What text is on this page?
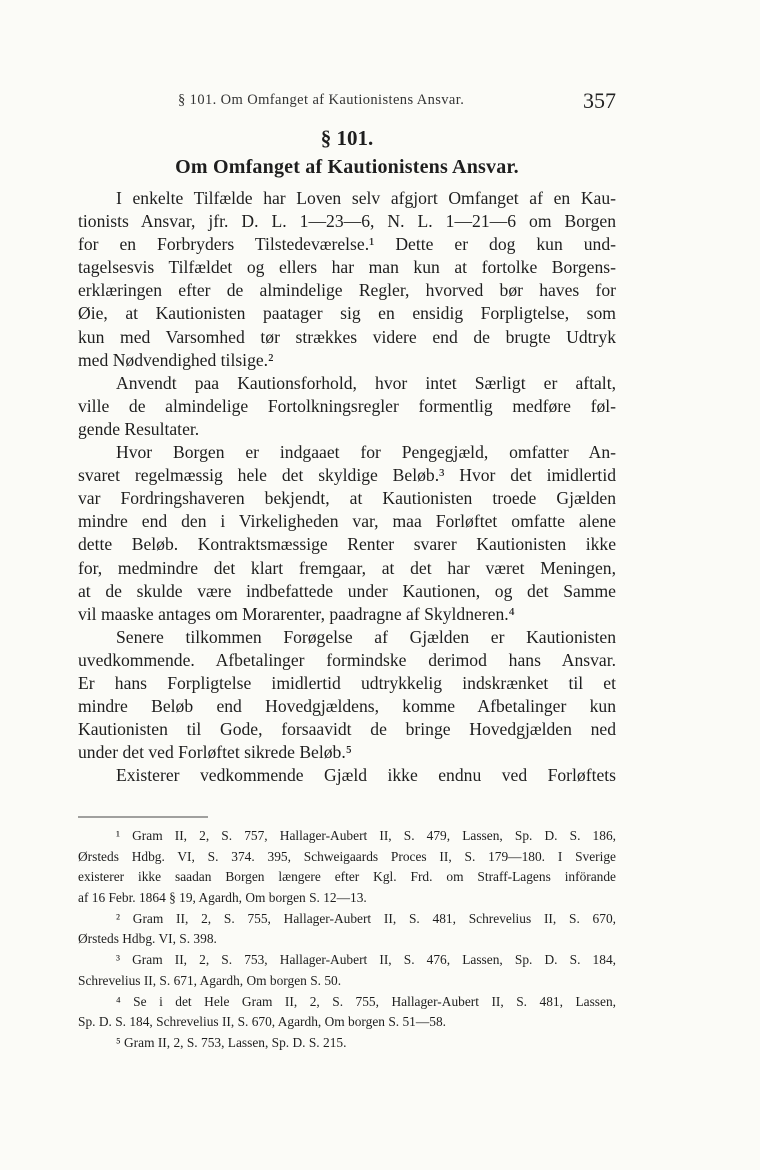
§ 101. Om Omfanget af Kautionistens Ansvar.	357
§ 101.
Om Omfanget af Kautionistens Ansvar.
I enkelte Tilfælde har Loven selv afgjort Omfanget af en Kau-
tionists Ansvar, jfr. D. L. 1—23—6, N. L. 1—21—6 om Borgen
for en Forbryders Tilstedeværelse.¹ Dette er dog kun und-
tagelsesvis Tilfældet og ellers har man kun at fortolke Borgens-
erklæringen efter de almindelige Regler, hvorved bør haves for
Øie, at Kautionisten paatager sig en ensidig Forpligtelse, som
kun med Varsomhed tør strækkes videre end de brugte Udtryk
med Nødvendighed tilsige.²
Anvendt paa Kautionsforhold, hvor intet Særligt er aftalt,
ville de almindelige Fortolkningsregler formentlig medføre føl-
gende Resultater.
Hvor Borgen er indgaaet for Pengegjæld, omfatter An-
svaret regelmæssig hele det skyldige Beløb.³ Hvor det imidlertid
var Fordringshaveren bekjendt, at Kautionisten troede Gjælden
mindre end den i Virkeligheden var, maa Forløftet omfatte alene
dette Beløb. Kontraktsmæssige Renter svarer Kautionisten ikke
for, medmindre det klart fremgaar, at det har været Meningen,
at de skulde være indbefattede under Kautionen, og det Samme
vil maaske antages om Morarenter, paadragne af Skyldneren.⁴
Senere tilkommen Forøgelse af Gjælden er Kautionisten
uvedkommende. Afbetalinger formindske derimod hans Ansvar.
Er hans Forpligtelse imidlertid udtrykkelig indskrænket til et
mindre Beløb end Hovedgjældens, komme Afbetalinger kun
Kautionisten til Gode, forsaavidt de bringe Hovedgjælden ned
under det ved Forløftet sikrede Beløb.⁵
Existerer vedkommende Gjæld ikke endnu ved Forløftets
¹ Gram II, 2, S. 757, Hallager-Aubert II, S. 479, Lassen, Sp. D. S. 186,
Ørsteds Hdbg. VI, S. 374. 395, Schweigaards Proces II, S. 179—180. I Sverige
existerer ikke saadan Borgen længere efter Kgl. Frd. om Straff-Lagens införande
af 16 Febr. 1864 § 19, Agardh, Om borgen S. 12—13.
² Gram II, 2, S. 755, Hallager-Aubert II, S. 481, Schrevelius II, S. 670,
Ørsteds Hdbg. VI, S. 398.
³ Gram II, 2, S. 753, Hallager-Aubert II, S. 476, Lassen, Sp. D. S. 184,
Schrevelius II, S. 671, Agardh, Om borgen S. 50.
⁴ Se i det Hele Gram II, 2, S. 755, Hallager-Aubert II, S. 481, Lassen,
Sp. D. S. 184, Schrevelius II, S. 670, Agardh, Om borgen S. 51—58.
⁵ Gram II, 2, S. 753, Lassen, Sp. D. S. 215.
